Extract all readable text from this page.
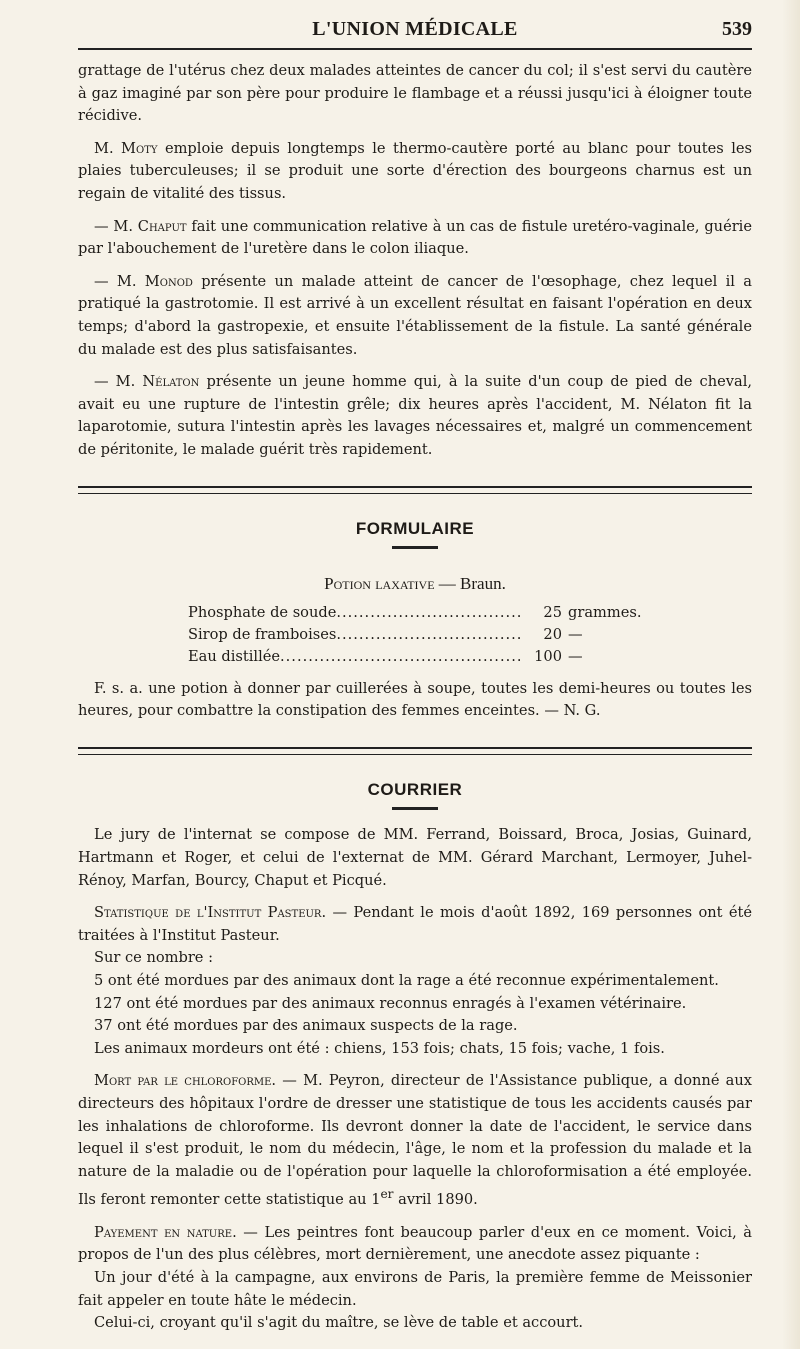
L'UNION MÉDICALE	539

grattage de l'utérus chez deux malades atteintes de cancer du col; il s'est servi du cautère à gaz imaginé par son père pour produire le flambage et a réussi jusqu'ici à éloigner toute récidive.

M. Moty emploie depuis longtemps le thermo-cautère porté au blanc pour toutes les plaies tuberculeuses; il se produit une sorte d'érection des bourgeons charnus est un regain de vitalité des tissus.

— M. Chaput fait une communication relative à un cas de fistule uretéro-vaginale, guérie par l'abouchement de l'uretère dans le colon iliaque.

— M. Monod présente un malade atteint de cancer de l'œsophage, chez lequel il a pratiqué la gastrotomie. Il est arrivé à un excellent résultat en faisant l'opération en deux temps; d'abord la gastropexie, et ensuite l'établissement de la fistule. La santé générale du malade est des plus satisfaisantes.

— M. Nélaton présente un jeune homme qui, à la suite d'un coup de pied de cheval, avait eu une rupture de l'intestin grêle; dix heures après l'accident, M. Nélaton fit la laparotomie, sutura l'intestin après les lavages nécessaires et, malgré un commencement de péritonite, le malade guérit très rapidement.

FORMULAIRE
Potion laxative — Braun.
Phosphate de soude .....	25 grammes.
Sirop de framboises .....	20 —
Eau distillée .....	100 —

F. s. a. une potion à donner par cuillerées à soupe, toutes les demi-heures ou toutes les heures, pour combattre la constipation des femmes enceintes. — N. G.

COURRIER

Le jury de l'internat se compose de MM. Ferrand, Boissard, Broca, Josias, Guinard, Hartmann et Roger, et celui de l'externat de MM. Gérard Marchant, Lermoyer, Juhel-Rénoy, Marfan, Bourcy, Chaput et Picqué.

Statistique de l'Institut Pasteur. — Pendant le mois d'août 1892, 169 personnes ont été traitées à l'Institut Pasteur.

Sur ce nombre :

5 ont été mordues par des animaux dont la rage a été reconnue expérimentalement.

127 ont été mordues par des animaux reconnus enragés à l'examen vétérinaire.

37 ont été mordues par des animaux suspects de la rage.

Les animaux mordeurs ont été : chiens, 153 fois; chats, 15 fois; vache, 1 fois.

Mort par le chloroforme. — M. Peyron, directeur de l'Assistance publique, a donné aux directeurs des hôpitaux l'ordre de dresser une statistique de tous les accidents causés par les inhalations de chloroforme. Ils devront donner la date de l'accident, le service dans lequel il s'est produit, le nom du médecin, l'âge, le nom et la profession du malade et la nature de la maladie ou de l'opération pour laquelle la chloroformisation a été employée. Ils feront remonter cette statistique au 1er avril 1890.

Payement en nature. — Les peintres font beaucoup parler d'eux en ce moment. Voici, à propos de l'un des plus célèbres, mort dernièrement, une anecdote assez piquante :

Un jour d'été à la campagne, aux environs de Paris, la première femme de Meissonier fait appeler en toute hâte le médecin.

Celui-ci, croyant qu'il s'agit du maître, se lève de table et accourt.
